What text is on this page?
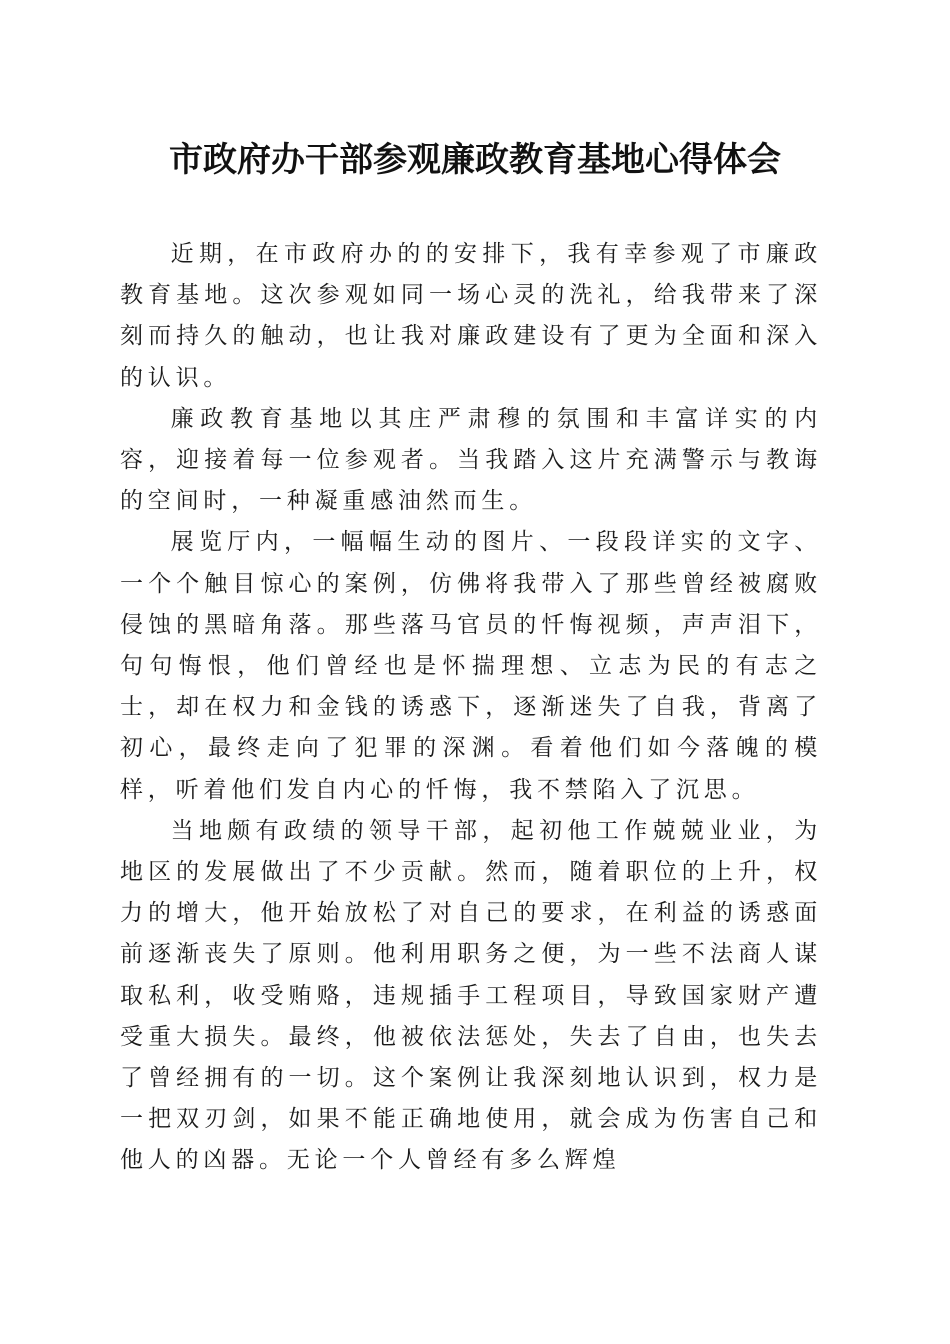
市政府办干部参观廉政教育基地心得体会

近期，在市政府办的的安排下，我有幸参观了市廉政教育基地。这次参观如同一场心灵的洗礼，给我带来了深刻而持久的触动，也让我对廉政建设有了更为全面和深入的认识。

廉政教育基地以其庄严肃穆的氛围和丰富详实的内容，迎接着每一位参观者。当我踏入这片充满警示与教诲的空间时，一种凝重感油然而生。

展览厅内，一幅幅生动的图片、一段段详实的文字、一个个触目惊心的案例，仿佛将我带入了那些曾经被腐败侵蚀的黑暗角落。那些落马官员的忏悔视频，声声泪下，句句悔恨，他们曾经也是怀揣理想、立志为民的有志之士，却在权力和金钱的诱惑下，逐渐迷失了自我，背离了初心，最终走向了犯罪的深渊。看着他们如今落魄的模样，听着他们发自内心的忏悔，我不禁陷入了沉思。

当地颇有政绩的领导干部，起初他工作兢兢业业，为地区的发展做出了不少贡献。然而，随着职位的上升，权力的增大，他开始放松了对自己的要求，在利益的诱惑面前逐渐丧失了原则。他利用职务之便，为一些不法商人谋取私利，收受贿赂，违规插手工程项目，导致国家财产遭受重大损失。最终，他被依法惩处，失去了自由，也失去了曾经拥有的一切。这个案例让我深刻地认识到，权力是一把双刃剑，如果不能正确地使用，就会成为伤害自己和他人的凶器。无论一个人曾经有多么辉煌
